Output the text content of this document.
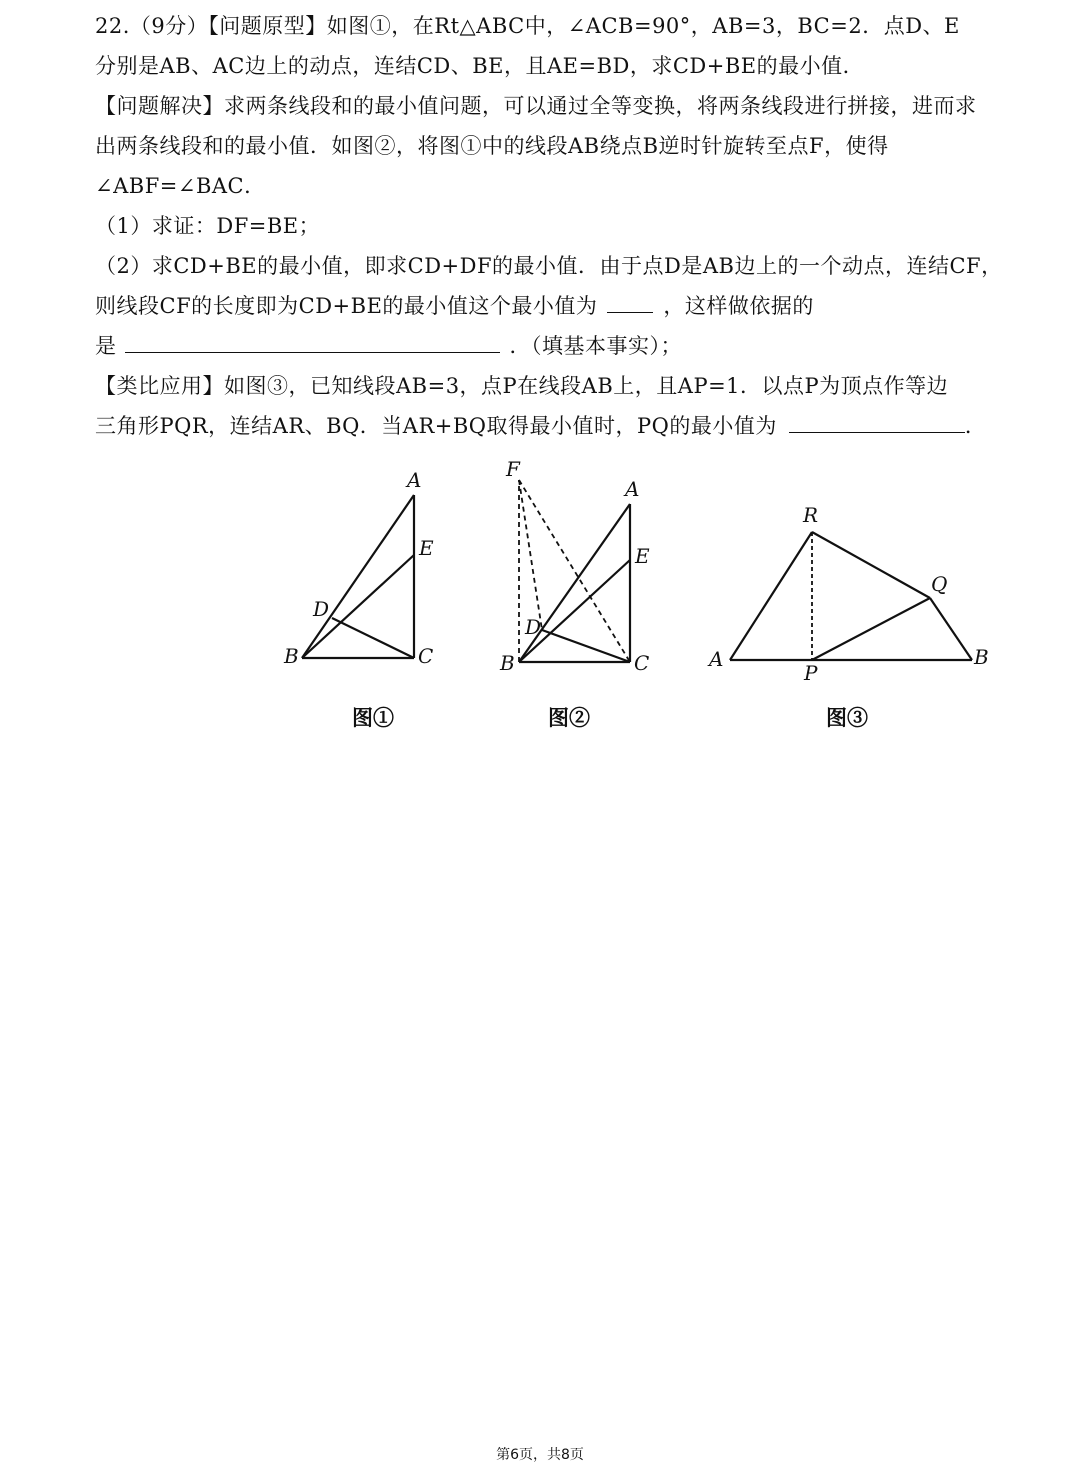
22.（9分）【问题原型】如图①，在Rt△ABC中，∠ACB=90°，AB=3，BC=2．点D、E
分别是AB、AC边上的动点，连结CD、BE，且AE=BD，求CD+BE的最小值．
【问题解决】求两条线段和的最小值问题，可以通过全等变换，将两条线段进行拼接，进而求
出两条线段和的最小值．如图②，将图①中的线段AB绕点B逆时针旋转至点F，使得
∠ABF=∠BAC．
（1）求证：DF=BE；
（2）求CD+BE的最小值，即求CD+DF的最小值．由于点D是AB边上的一个动点，连结CF，
则线段CF的长度即为CD+BE的最小值这个最小值为	，这样做依据的
是	．（填基本事实）；
【类比应用】如图③，已知线段AB=3，点P在线段AB上，且AP=1．以点P为顶点作等边
三角形PQR，连结AR、BQ．当AR+BQ取得最小值时，PQ的最小值为	．
A
E
D
B	C
F
A
E
D
B	C
R
Q
A	B
P
图①	图②	图③
第6页，共8页
